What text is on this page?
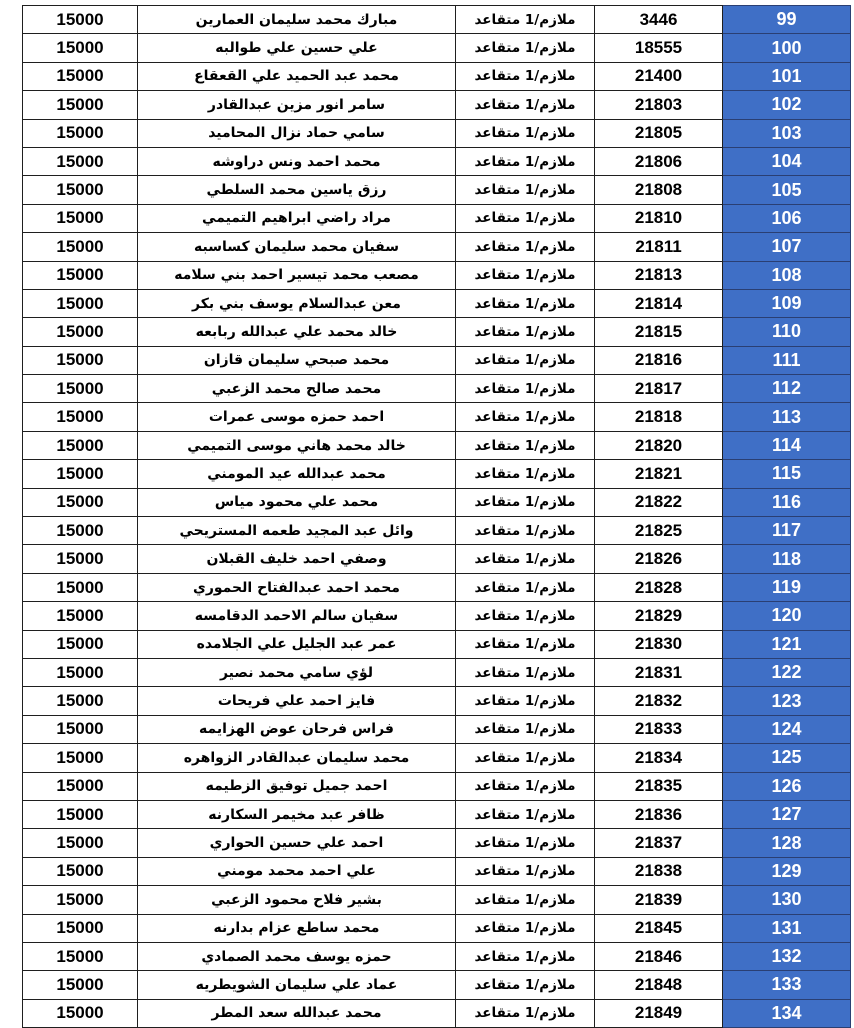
15000	مبارك محمد سليمان العمارين	ملازم/1 متقاعد	3446	99
15000	علي حسين علي طوالبه	ملازم/1 متقاعد	18555	100
15000	محمد عبد الحميد علي القعقاع	ملازم/1 متقاعد	21400	101
15000	سامر انور مزين عبدالقادر	ملازم/1 متقاعد	21803	102
15000	سامي حماد نزال المحاميد	ملازم/1 متقاعد	21805	103
15000	محمد احمد ونس دراوشه	ملازم/1 متقاعد	21806	104
15000	رزق ياسين محمد السلطي	ملازم/1 متقاعد	21808	105
15000	مراد راضي ابراهيم التميمي	ملازم/1 متقاعد	21810	106
15000	سفيان محمد سليمان كساسبه	ملازم/1 متقاعد	21811	107
15000	مصعب محمد تيسير احمد بني سلامه	ملازم/1 متقاعد	21813	108
15000	معن عبدالسلام يوسف بني بكر	ملازم/1 متقاعد	21814	109
15000	خالد محمد علي عبدالله ربابعه	ملازم/1 متقاعد	21815	110
15000	محمد صبحي سليمان قازان	ملازم/1 متقاعد	21816	111
15000	محمد صالح محمد الزعبي	ملازم/1 متقاعد	21817	112
15000	احمد حمزه موسى عمرات	ملازم/1 متقاعد	21818	113
15000	خالد محمد هاني موسى التميمي	ملازم/1 متقاعد	21820	114
15000	محمد عبدالله عيد المومني	ملازم/1 متقاعد	21821	115
15000	محمد علي محمود مياس	ملازم/1 متقاعد	21822	116
15000	وائل عبد المجيد طعمه المستريحي	ملازم/1 متقاعد	21825	117
15000	وصفي احمد خليف القبلان	ملازم/1 متقاعد	21826	118
15000	محمد احمد عبدالفتاح الحموري	ملازم/1 متقاعد	21828	119
15000	سفيان سالم الاحمد الدقامسه	ملازم/1 متقاعد	21829	120
15000	عمر عبد الجليل علي الجلامده	ملازم/1 متقاعد	21830	121
15000	لؤي سامي محمد نصير	ملازم/1 متقاعد	21831	122
15000	فايز احمد علي فريحات	ملازم/1 متقاعد	21832	123
15000	فراس فرحان عوض الهزايمه	ملازم/1 متقاعد	21833	124
15000	محمد سليمان عبدالقادر الزواهره	ملازم/1 متقاعد	21834	125
15000	احمد جميل توفيق الزطيمه	ملازم/1 متقاعد	21835	126
15000	ظافر عبد مخيمر السكارنه	ملازم/1 متقاعد	21836	127
15000	احمد علي حسين الحواري	ملازم/1 متقاعد	21837	128
15000	علي احمد محمد مومني	ملازم/1 متقاعد	21838	129
15000	بشير فلاح محمود الزعبي	ملازم/1 متقاعد	21839	130
15000	محمد ساطع عزام بدارنه	ملازم/1 متقاعد	21845	131
15000	حمزه يوسف محمد الصمادي	ملازم/1 متقاعد	21846	132
15000	عماد علي سليمان الشويطريه	ملازم/1 متقاعد	21848	133
15000	محمد عبدالله سعد المطر	ملازم/1 متقاعد	21849	134
